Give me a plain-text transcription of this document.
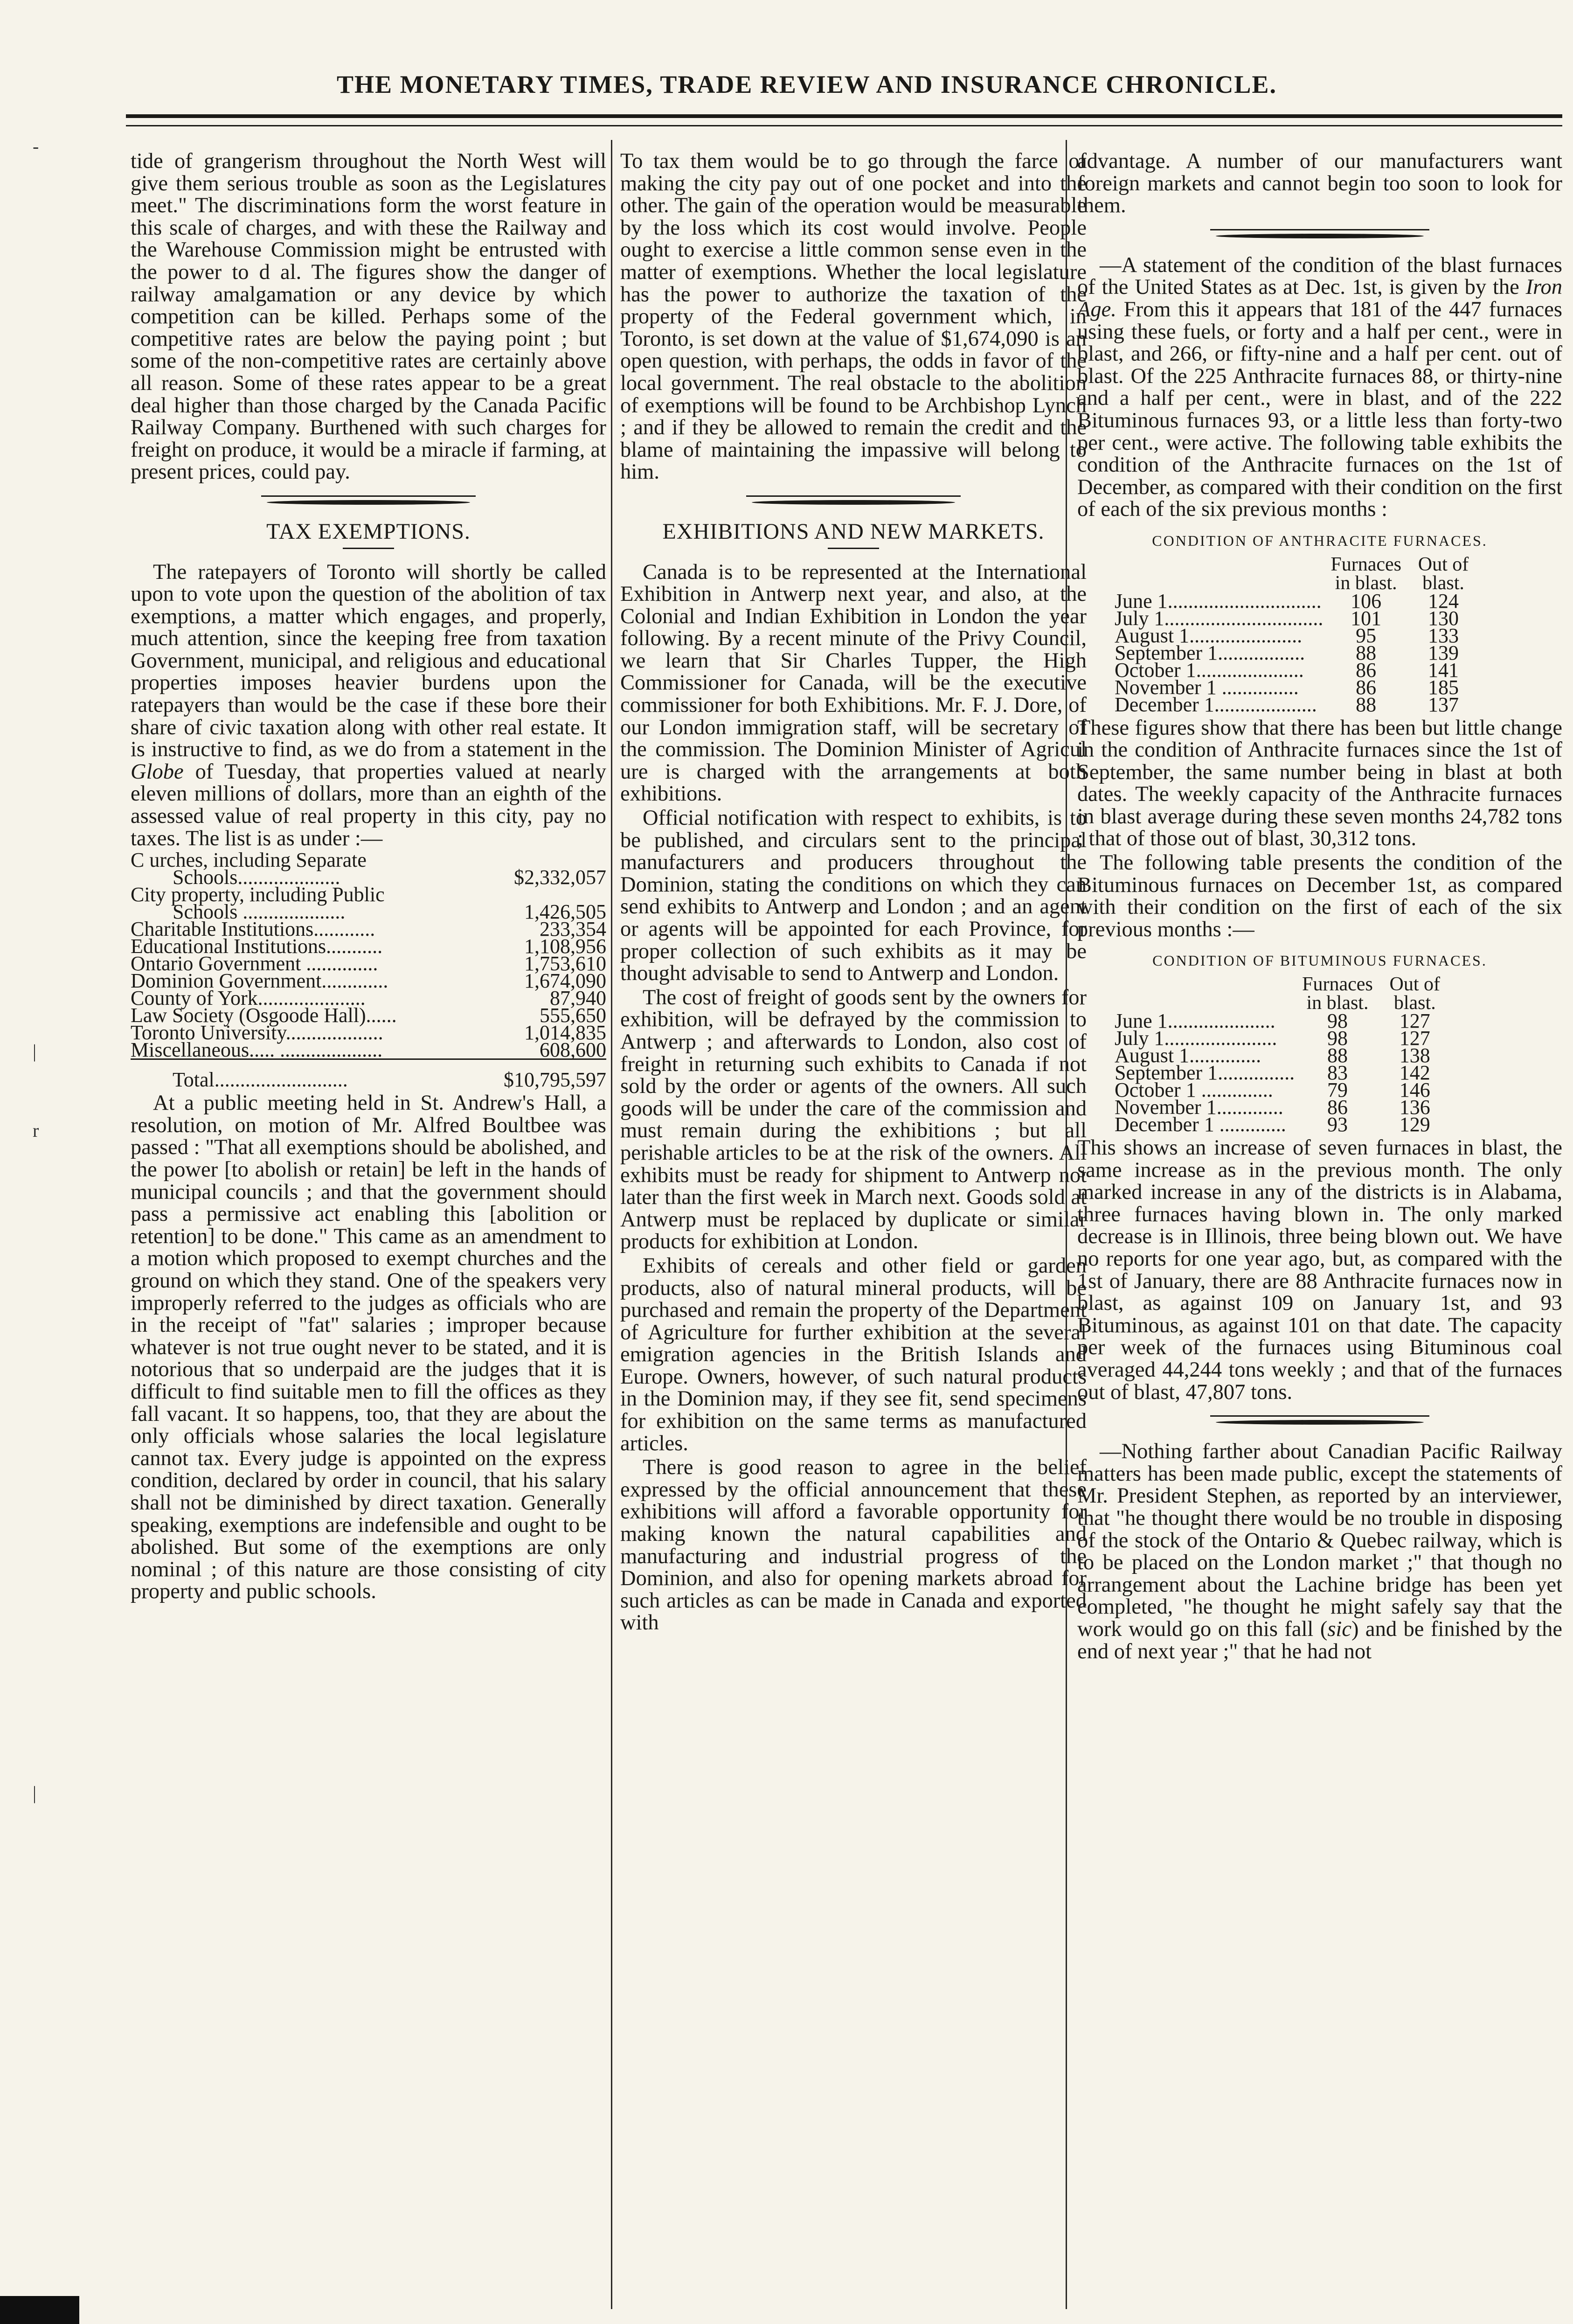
THE MONETARY TIMES, TRADE REVIEW AND INSURANCE CHRONICLE.
-
|
r
|

tide of grangerism throughout the North West will give them serious trouble as soon as the Legislatures meet." The discriminations form the worst feature in this scale of charges, and with these the Railway and the Warehouse Commission might be entrusted with the power to d al. The figures show the danger of railway amalgamation or any device by which competition can be killed. Perhaps some of the competitive rates are below the paying point ; but some of the non-competitive rates are certainly above all reason. Some of these rates appear to be a great deal higher than those charged by the Canada Pacific Railway Company. Burthened with such charges for freight on produce, it would be a miracle if farming, at present prices, could pay.

TAX EXEMPTIONS.

The ratepayers of Toronto will shortly be called upon to vote upon the question of the abolition of tax exemptions, a matter which engages, and properly, much attention, since the keeping free from taxation Government, municipal, and religious and educational properties imposes heavier burdens upon the ratepayers than would be the case if these bore their share of civic taxation along with other real estate. It is instructive to find, as we do from a statement in the Globe of Tuesday, that properties valued at nearly eleven millions of dollars, more than an eighth of the assessed value of real property in this city, pay no taxes. The list is as under :—

C urches, including Separate	
Schools....................	$2,332,057
City property, including Public	
Schools ....................	1,426,505
Charitable Institutions............	233,354
Educational Institutions...........	1,108,956
Ontario Government ..............	1,753,610
Dominion Government.............	1,674,090
County of York.....................	87,940
Law Society (Osgoode Hall)......	555,650
Toronto University...................	1,014,835
Miscellaneous..... ....................	608,600
Total..........................	$10,795,597

At a public meeting held in St. Andrew's Hall, a resolution, on motion of Mr. Alfred Boultbee was passed : "That all exemptions should be abolished, and the power [to abolish or retain] be left in the hands of municipal councils ; and that the government should pass a permissive act enabling this [abolition or retention] to be done." This came as an amendment to a motion which proposed to exempt churches and the ground on which they stand. One of the speakers very improperly referred to the judges as officials who are in the receipt of "fat" salaries ; improper because whatever is not true ought never to be stated, and it is notorious that so underpaid are the judges that it is difficult to find suitable men to fill the offices as they fall vacant. It so happens, too, that they are about the only officials whose salaries the local legislature cannot tax. Every judge is appointed on the express condition, declared by order in council, that his salary shall not be diminished by direct taxation. Generally speaking, exemptions are indefensible and ought to be abolished. But some of the exemptions are only nominal ; of this nature are those consisting of city property and public schools.

To tax them would be to go through the farce of making the city pay out of one pocket and into the other. The gain of the operation would be measurable by the loss which its cost would involve. People ought to exercise a little common sense even in the matter of exemptions. Whether the local legislature has the power to authorize the taxation of the property of the Federal government which, in Toronto, is set down at the value of $1,674,090 is an open question, with perhaps, the odds in favor of the local government. The real obstacle to the abolition of exemptions will be found to be Archbishop Lynch ; and if they be allowed to remain the credit and the blame of maintaining the impassive will belong to him.

EXHIBITIONS AND NEW MARKETS.

Canada is to be represented at the International Exhibition in Antwerp next year, and also, at the Colonial and Indian Exhibition in London the year following. By a recent minute of the Privy Council, we learn that Sir Charles Tupper, the High Commissioner for Canada, will be the executive commissioner for both Exhibitions. Mr. F. J. Dore, of our London immigration staff, will be secretary of the commission. The Dominion Minister of Agricul ure is charged with the arrangements at both exhibitions.

Official notification with respect to exhibits, is to be published, and circulars sent to the principal manufacturers and producers throughout the Dominion, stating the conditions on which they can send exhibits to Antwerp and London ; and an agent or agents will be appointed for each Province, for proper collection of such exhibits as it may be thought advisable to send to Antwerp and London.

The cost of freight of goods sent by the owners for exhibition, will be defrayed by the commission to Antwerp ; and afterwards to London, also cost of freight in returning such exhibits to Canada if not sold by the order or agents of the owners. All such goods will be under the care of the commission and must remain during the exhibitions ; but all perishable articles to be at the risk of the owners. All exhibits must be ready for shipment to Antwerp not later than the first week in March next. Goods sold at Antwerp must be replaced by duplicate or similar products for exhibition at London.

Exhibits of cereals and other field or garden products, also of natural mineral products, will be purchased and remain the property of the Department of Agriculture for further exhibition at the several emigration agencies in the British Islands and Europe. Owners, however, of such natural products in the Dominion may, if they see fit, send specimens for exhibition on the same terms as manufactured articles.

There is good reason to agree in the belief expressed by the official announcement that these exhibitions will afford a favorable opportunity for making known the natural capabilities and manufacturing and industrial progress of the Dominion, and also for opening markets abroad for such articles as can be made in Canada and exported with

advantage. A number of our manufacturers want foreign markets and cannot begin too soon to look for them.

—A statement of the condition of the blast furnaces of the United States as at Dec. 1st, is given by the Iron Age. From this it appears that 181 of the 447 furnaces using these fuels, or forty and a half per cent., were in blast, and 266, or fifty-nine and a half per cent. out of blast. Of the 225 Anthracite furnaces 88, or thirty-nine and a half per cent., were in blast, and of the 222 Bituminous furnaces 93, or a little less than forty-two per cent., were active. The following table exhibits the condition of the Anthracite furnaces on the 1st of December, as compared with their condition on the first of each of the six previous months :

CONDITION OF ANTHRACITE FURNACES.
	Furnaces
in blast.	Out of
blast.
June 1..............................	106	124
July 1...............................	101	130
August 1......................	95	133
September 1.................	88	139
October 1.....................	86	141
November 1 ...............	86	185
December 1....................	88	137

These figures show that there has been but little change in the condition of Anthracite furnaces since the 1st of September, the same number being in blast at both dates. The weekly capacity of the Anthracite furnaces in blast average during these seven months 24,782 tons ; that of those out of blast, 30,312 tons.

The following table presents the condition of the Bituminous furnaces on December 1st, as compared with their condition on the first of each of the six previous months :—

CONDITION OF BITUMINOUS FURNACES.
	Furnaces
in blast.	Out of
blast.
June 1.....................	98	127
July 1......................	98	127
August 1..............	88	138
September 1...............	83	142
October 1 ..............	79	146
November 1.............	86	136
December 1 .............	93	129

This shows an increase of seven furnaces in blast, the same increase as in the previous month. The only marked increase in any of the districts is in Alabama, three furnaces having blown in. The only marked decrease is in Illinois, three being blown out. We have no reports for one year ago, but, as compared with the 1st of January, there are 88 Anthracite furnaces now in blast, as against 109 on January 1st, and 93 Bituminous, as against 101 on that date. The capacity per week of the furnaces using Bituminous coal averaged 44,244 tons weekly ; and that of the furnaces out of blast, 47,807 tons.

—Nothing farther about Canadian Pacific Railway matters has been made public, except the statements of Mr. President Stephen, as reported by an interviewer, that "he thought there would be no trouble in disposing of the stock of the Ontario & Quebec railway, which is to be placed on the London market ;" that though no arrangement about the Lachine bridge has been yet completed, "he thought he might safely say that the work would go on this fall (sic) and be finished by the end of next year ;" that he had not
